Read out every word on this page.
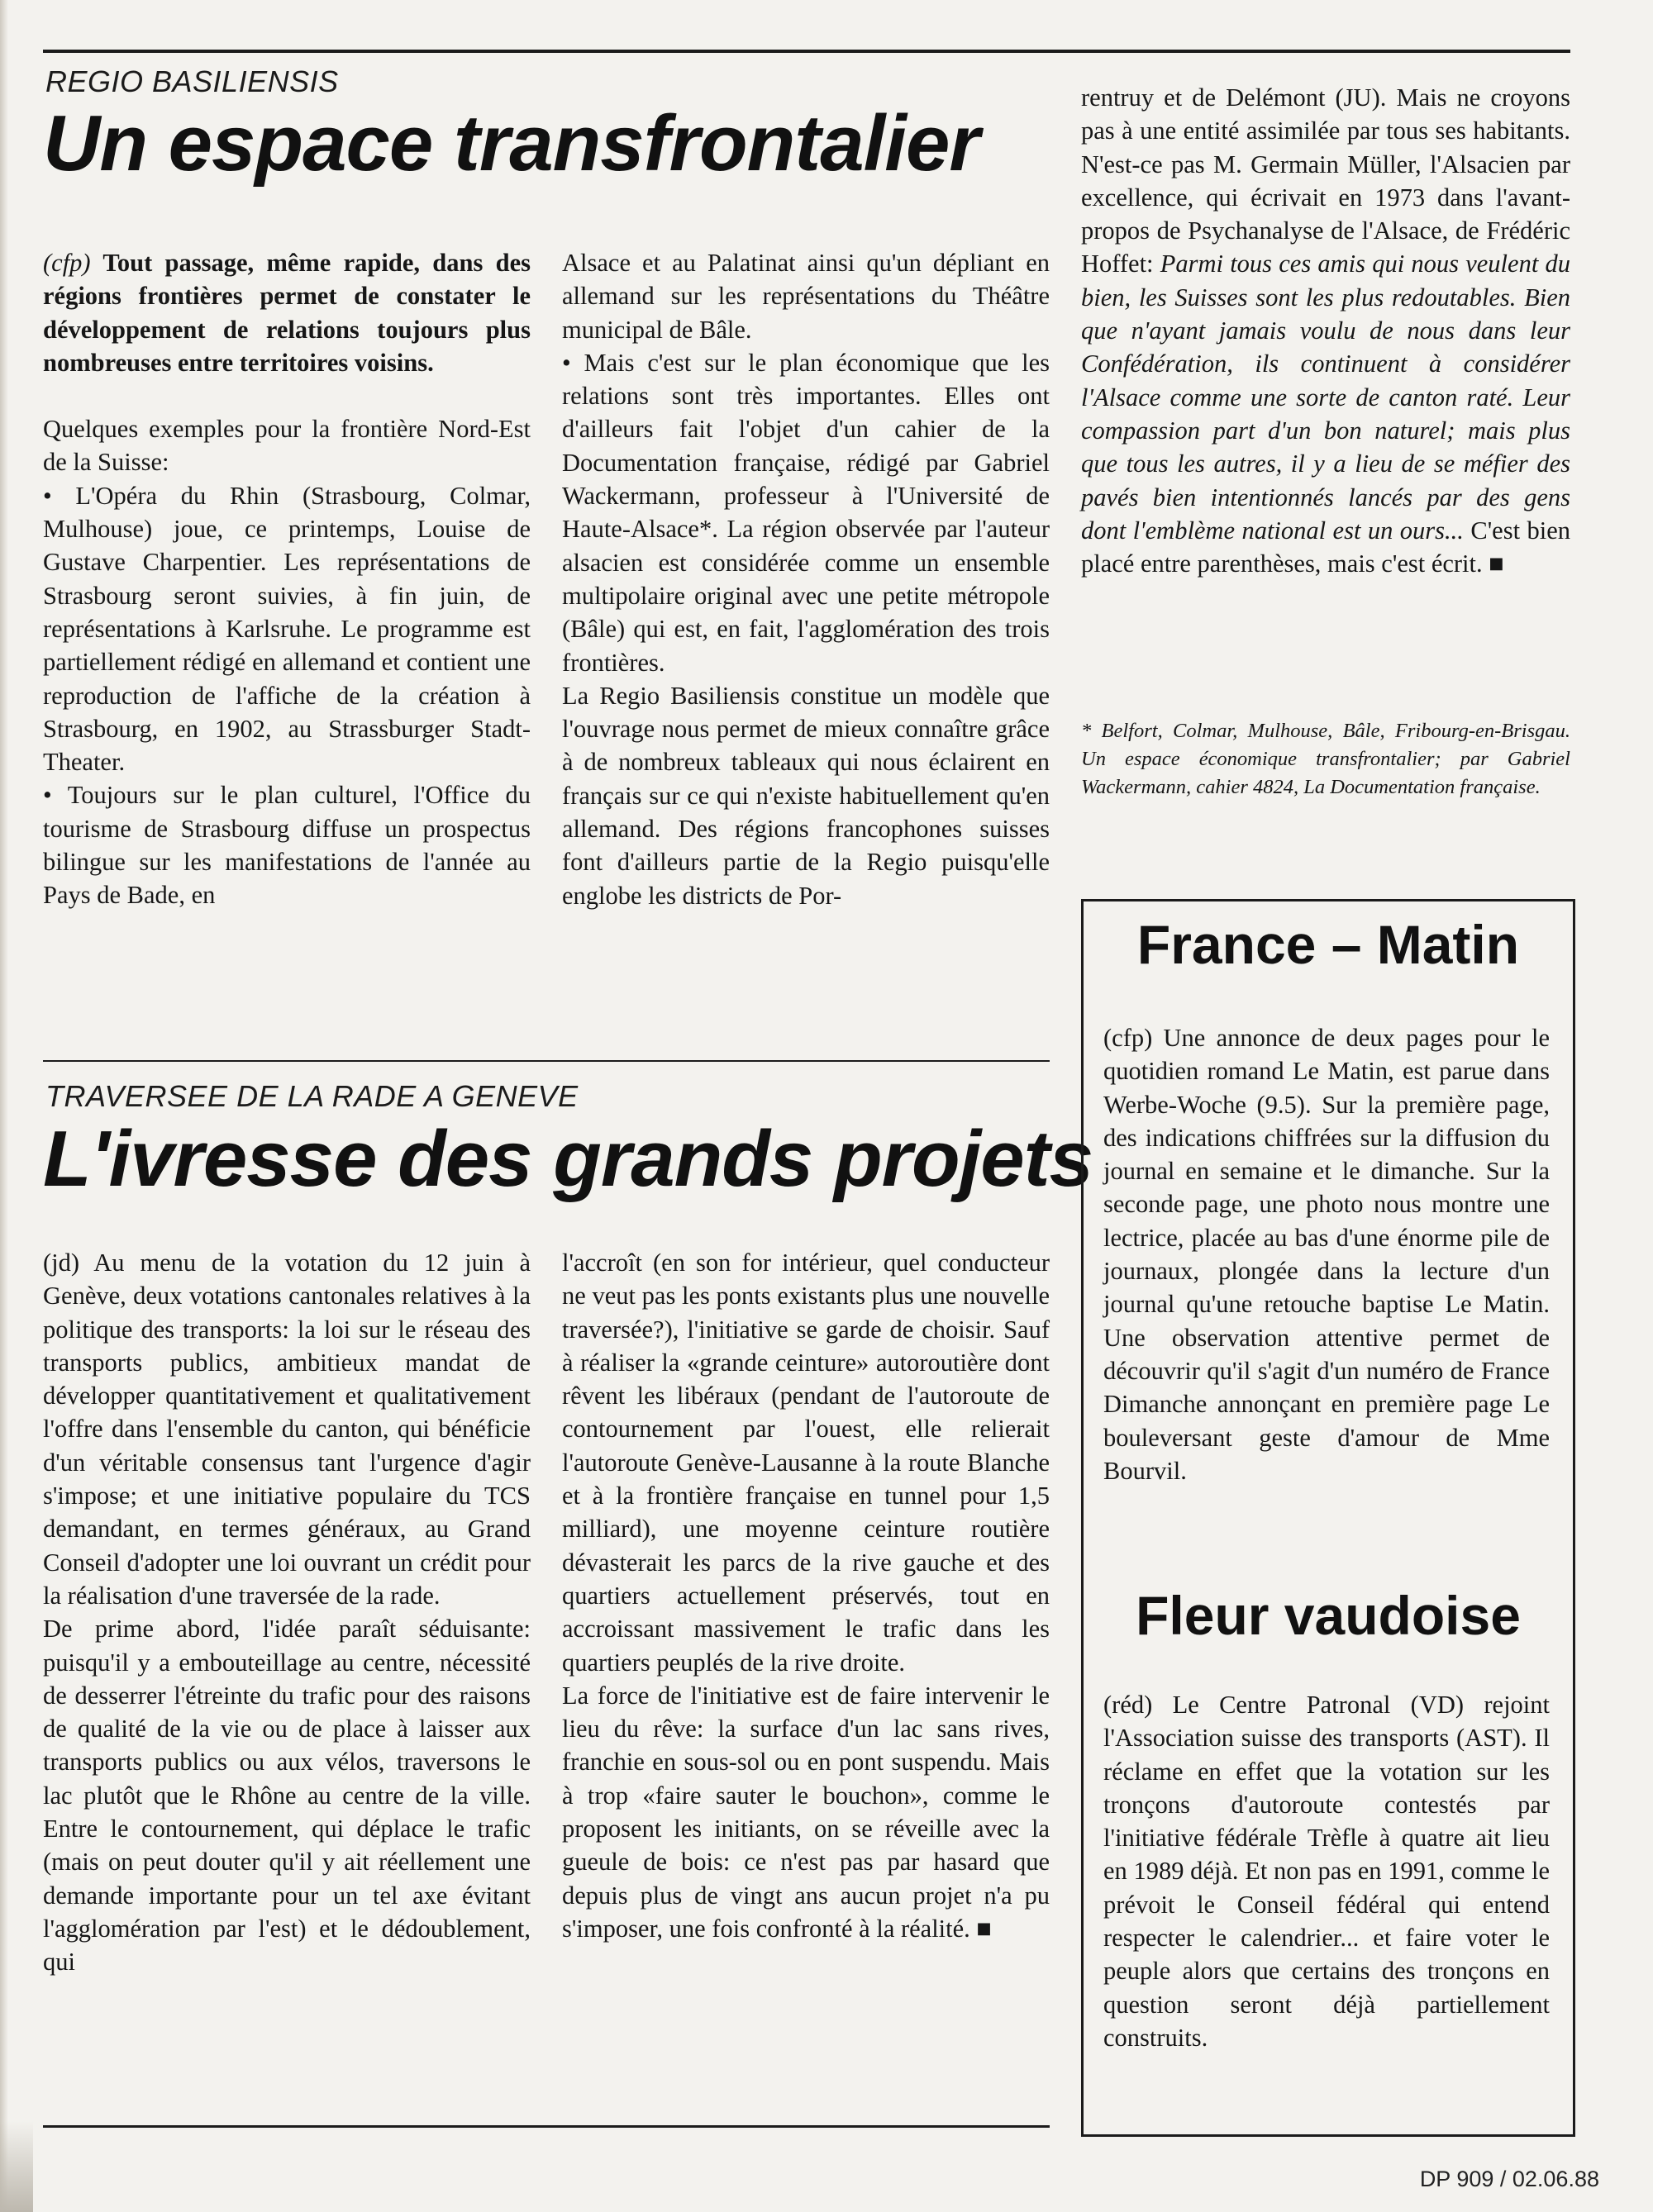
REGIO BASILIENSIS
Un espace transfrontalier

(cfp) Tout passage, même rapide, dans des régions frontières permet de constater le développement de relations toujours plus nombreuses entre territoires voisins.

Quelques exemples pour la frontière Nord-Est de la Suisse:

• L'Opéra du Rhin (Strasbourg, Colmar, Mulhouse) joue, ce printemps, Louise de Gustave Charpentier. Les représentations de Strasbourg seront suivies, à fin juin, de représentations à Karlsruhe. Le programme est partiellement rédigé en allemand et contient une reproduction de l'affiche de la création à Strasbourg, en 1902, au Strassburger Stadt-Theater.

• Toujours sur le plan culturel, l'Office du tourisme de Strasbourg diffuse un prospectus bilingue sur les manifestations de l'année au Pays de Bade, en

Alsace et au Palatinat ainsi qu'un dépliant en allemand sur les représentations du Théâtre municipal de Bâle.

• Mais c'est sur le plan économique que les relations sont très importantes. Elles ont d'ailleurs fait l'objet d'un cahier de la Documentation française, rédigé par Gabriel Wackermann, professeur à l'Université de Haute-Alsace*. La région observée par l'auteur alsacien est considérée comme un ensemble multipolaire original avec une petite métropole (Bâle) qui est, en fait, l'agglomération des trois frontières.

La Regio Basiliensis constitue un modèle que l'ouvrage nous permet de mieux connaître grâce à de nombreux tableaux qui nous éclairent en français sur ce qui n'existe habituellement qu'en allemand. Des régions francophones suisses font d'ailleurs partie de la Regio puisqu'elle englobe les districts de Por-

rentruy et de Delémont (JU). Mais ne croyons pas à une entité assimilée par tous ses habitants. N'est-ce pas M. Germain Müller, l'Alsacien par excellence, qui écrivait en 1973 dans l'avant-propos de Psychanalyse de l'Alsace, de Frédéric Hoffet: Parmi tous ces amis qui nous veulent du bien, les Suisses sont les plus redoutables. Bien que n'ayant jamais voulu de nous dans leur Confédération, ils continuent à considérer l'Alsace comme une sorte de canton raté. Leur compassion part d'un bon naturel; mais plus que tous les autres, il y a lieu de se méfier des pavés bien intentionnés lancés par des gens dont l'emblème national est un ours... C'est bien placé entre parenthèses, mais c'est écrit. ■

* Belfort, Colmar, Mulhouse, Bâle, Fribourg-en-Brisgau. Un espace économique transfrontalier; par Gabriel Wackermann, cahier 4824, La Documentation française.
TRAVERSEE DE LA RADE A GENEVE
L'ivresse des grands projets

(jd) Au menu de la votation du 12 juin à Genève, deux votations cantonales relatives à la politique des transports: la loi sur le réseau des transports publics, ambitieux mandat de développer quantitativement et qualitativement l'offre dans l'ensemble du canton, qui bénéficie d'un véritable consensus tant l'urgence d'agir s'impose; et une initiative populaire du TCS demandant, en termes généraux, au Grand Conseil d'adopter une loi ouvrant un crédit pour la réalisation d'une traversée de la rade.

De prime abord, l'idée paraît séduisante: puisqu'il y a embouteillage au centre, nécessité de desserrer l'étreinte du trafic pour des raisons de qualité de la vie ou de place à laisser aux transports publics ou aux vélos, traversons le lac plutôt que le Rhône au centre de la ville. Entre le contournement, qui déplace le trafic (mais on peut douter qu'il y ait réellement une demande importante pour un tel axe évitant l'agglomération par l'est) et le dédoublement, qui

l'accroît (en son for intérieur, quel conducteur ne veut pas les ponts existants plus une nouvelle traversée?), l'initiative se garde de choisir. Sauf à réaliser la «grande ceinture» autoroutière dont rêvent les libéraux (pendant de l'autoroute de contournement par l'ouest, elle relierait l'autoroute Genève-Lausanne à la route Blanche et à la frontière française en tunnel pour 1,5 milliard), une moyenne ceinture routière dévasterait les parcs de la rive gauche et des quartiers actuellement préservés, tout en accroissant massivement le trafic dans les quartiers peuplés de la rive droite.

La force de l'initiative est de faire intervenir le lieu du rêve: la surface d'un lac sans rives, franchie en sous-sol ou en pont suspendu. Mais à trop «faire sauter le bouchon», comme le proposent les initiants, on se réveille avec la gueule de bois: ce n'est pas par hasard que depuis plus de vingt ans aucun projet n'a pu s'imposer, une fois confronté à la réalité. ■

France – Matin
(cfp) Une annonce de deux pages pour le quotidien romand Le Matin, est parue dans Werbe-Woche (9.5). Sur la première page, des indications chiffrées sur la diffusion du journal en semaine et le dimanche. Sur la seconde page, une photo nous montre une lectrice, placée au bas d'une énorme pile de journaux, plongée dans la lecture d'un journal qu'une retouche baptise Le Matin. Une observation attentive permet de découvrir qu'il s'agit d'un numéro de France Dimanche annonçant en première page Le bouleversant geste d'amour de Mme Bourvil.
Fleur vaudoise
(réd) Le Centre Patronal (VD) rejoint l'Association suisse des transports (AST). Il réclame en effet que la votation sur les tronçons d'autoroute contestés par l'initiative fédérale Trèfle à quatre ait lieu en 1989 déjà. Et non pas en 1991, comme le prévoit le Conseil fédéral qui entend respecter le calendrier... et faire voter le peuple alors que certains des tronçons en question seront déjà partiellement construits.
DP 909 / 02.06.88
